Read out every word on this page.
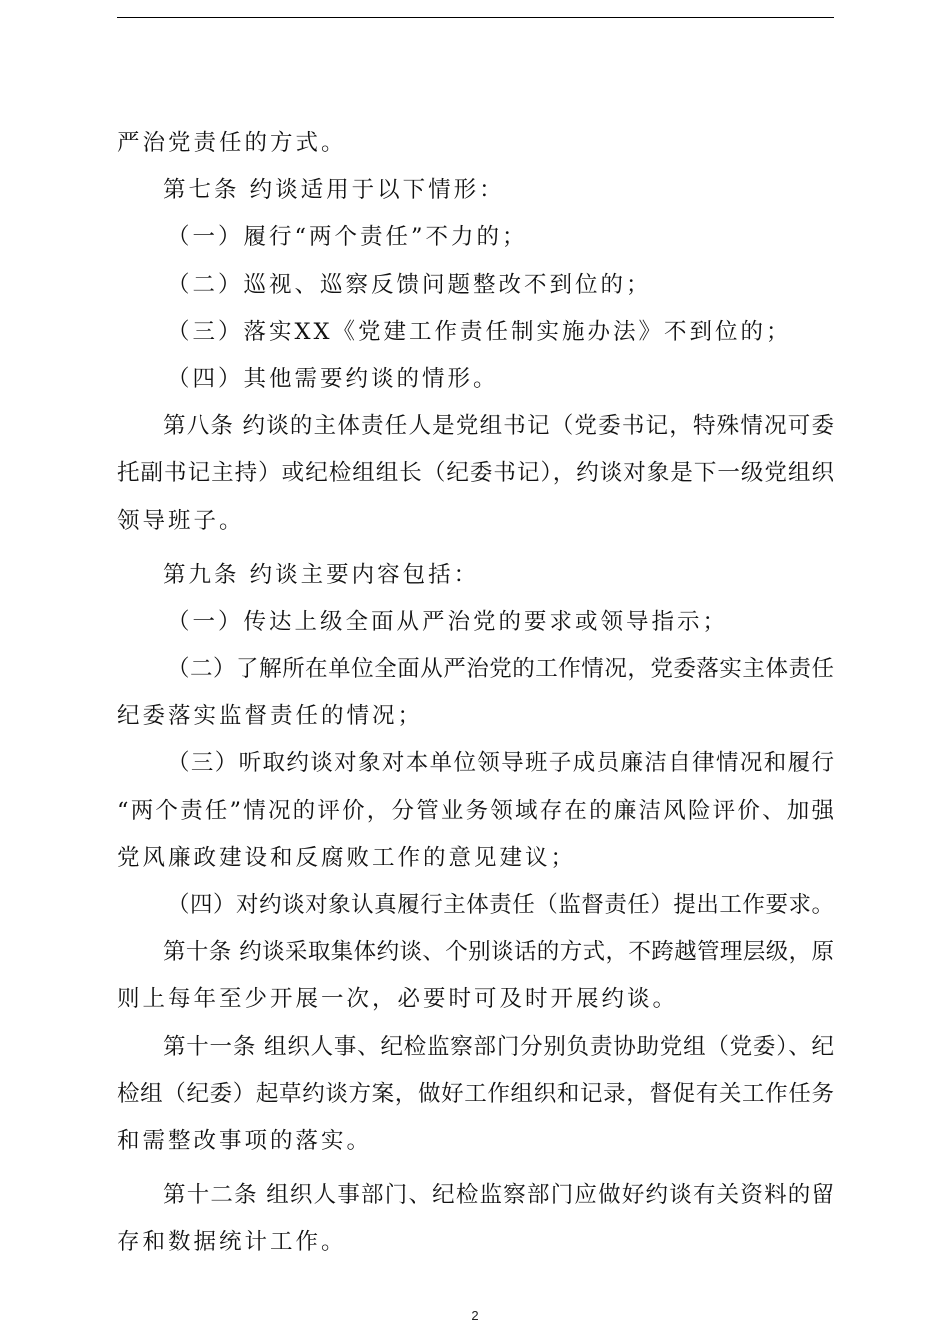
严治党责任的方式。
第七条 约谈适用于以下情形：
（一）履行“两个责任”不力的；
（二）巡视、巡察反馈问题整改不到位的；
（三）落实XX《党建工作责任制实施办法》不到位的；
（四）其他需要约谈的情形。
第八条 约谈的主体责任人是党组书记（党委书记，特殊情况可委
托副书记主持）或纪检组组长（纪委书记），约谈对象是下一级党组织
领导班子。
第九条 约谈主要内容包括：
（一）传达上级全面从严治党的要求或领导指示；
（二）了解所在单位全面从严治党的工作情况，党委落实主体责任
纪委落实监督责任的情况；
（三）听取约谈对象对本单位领导班子成员廉洁自律情况和履行
“两个责任”情况的评价，分管业务领域存在的廉洁风险评价、加强
党风廉政建设和反腐败工作的意见建议；
（四）对约谈对象认真履行主体责任（监督责任）提出工作要求。
第十条 约谈采取集体约谈、个别谈话的方式，不跨越管理层级，原
则上每年至少开展一次，必要时可及时开展约谈。
第十一条 组织人事、纪检监察部门分别负责协助党组（党委）、纪
检组（纪委）起草约谈方案，做好工作组织和记录，督促有关工作任务
和需整改事项的落实。
第十二条 组织人事部门、纪检监察部门应做好约谈有关资料的留
存和数据统计工作。
2
